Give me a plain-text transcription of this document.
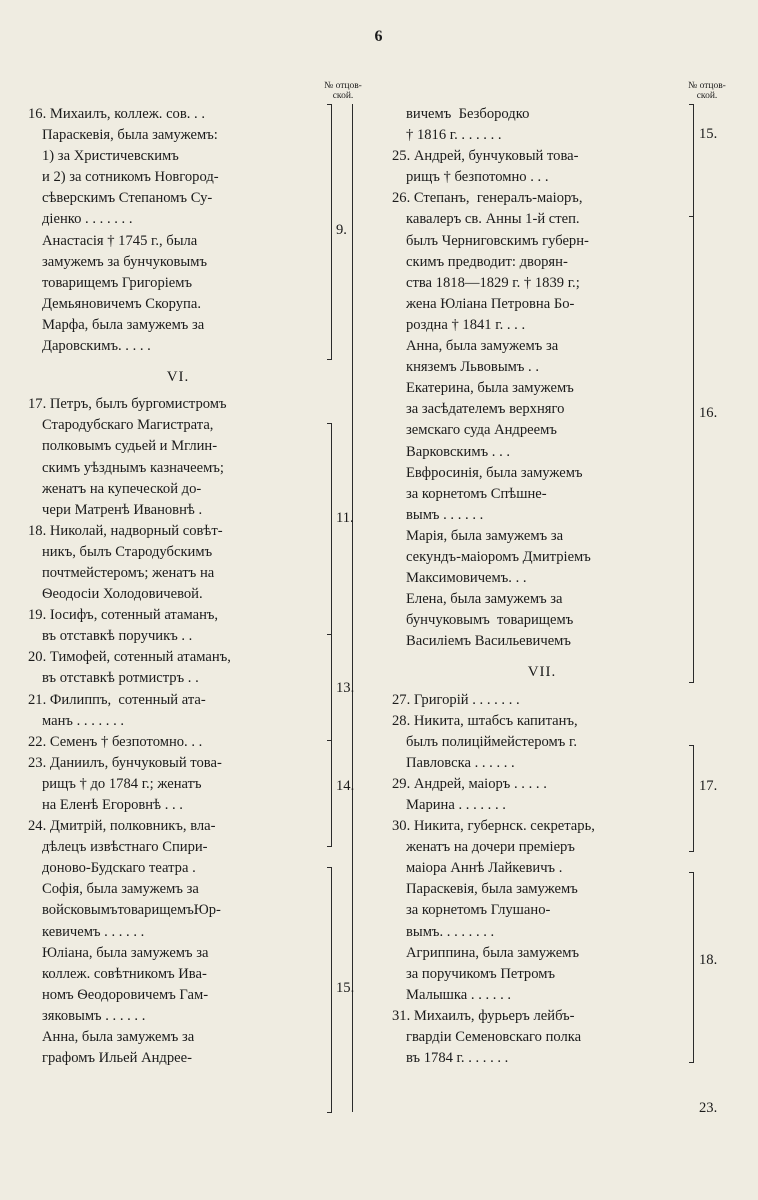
6
№ отцов-
ской.
№ отцов-
ской.
16. Михаилъ, коллеж. сов. . .
Параскевія, была замужемъ:
1) за Христичевскимъ
и 2) за сотникомъ Новгород-
сѣверскимъ Степаномъ Су-
діенко . . . . . . .
Анастасія † 1745 г., была
замужемъ за бунчуковымъ
товарищемъ Григоріемъ
Демьяновичемъ Скорупа.
Марфа, была замужемъ за
Даровскимъ. . . . .
VI.
17. Петръ, былъ бургомистромъ
Стародубскаго Магистрата,
полковымъ судьей и Мглин-
скимъ уѣзднымъ казначеемъ;
женатъ на купеческой до-
чери Матренѣ Ивановнѣ .
18. Николай, надворный совѣт-
никъ, былъ Стародубскимъ
почтмейстеромъ; женатъ на
Ѳеодосіи Холодовичевой.
19. Іосифъ, сотенный атаманъ,
въ отставкѣ поручикъ . .
20. Тимофей, сотенный атаманъ,
въ отставкѣ ротмистръ . .
21. Филиппъ,  сотенный ата-
манъ . . . . . . .
22. Семенъ † безпотомно. . .
23. Даниилъ, бунчуковый това-
рищъ † до 1784 г.; женатъ
на Еленѣ Егоровнѣ . . .
24. Дмитрій, полковникъ, вла-
дѣлецъ извѣстнаго Спири-
доново-Будскаго театра .
Софія, была замужемъ за
войсковымътоварищемъЮр-
кевичемъ . . . . . .
Юліана, была замужемъ за
коллеж. совѣтникомъ Ива-
номъ Ѳеодоровичемъ Гам-
зяковымъ . . . . . .
Анна, была замужемъ за
графомъ Ильей Андрее-
вичемъ  Безбородко
† 1816 г. . . . . . .
25. Андрей, бунчуковый това-
рищъ † безпотомно . . .
26. Степанъ,  генералъ-маіоръ,
кавалеръ св. Анны 1-й степ.
былъ Черниговскимъ губерн-
скимъ предводит: дворян-
ства 1818—1829 г. † 1839 г.;
жена Юліана Петровна Бо-
роздна † 1841 г. . . .
Анна, была замужемъ за
княземъ Львовымъ . .
Екатерина, была замужемъ
за засѣдателемъ верхняго
земскаго суда Андреемъ
Варковскимъ . . .
Евфросинія, была замужемъ
за корнетомъ Спѣшне-
вымъ . . . . . .
Марія, была замужемъ за
секундъ-маіоромъ Дмитріемъ
Максимовичемъ. . .
Елена, была замужемъ за
бунчуковымъ  товарищемъ
Василіемъ Васильевичемъ
VII.
27. Григорій . . . . . . .
28. Никита, штабсъ капитанъ,
былъ полиціймейстеромъ г.
Павловска . . . . . .
29. Андрей, маіоръ . . . . .
Марина . . . . . . .
30. Никита, губернск. секретарь,
женатъ на дочери преміеръ
маіора Аннѣ Лайкевичъ .
Параскевія, была замужемъ
за корнетомъ Глушано-
вымъ. . . . . . . .
Агриппина, была замужемъ
за поручикомъ Петромъ
Малышка . . . . . .
31. Михаилъ, фурьеръ лейбъ-
гвардіи Семеновскаго полка
въ 1784 г. . . . . . .
9.
11.
13.
14.
15.
15.
16.
17.
18.
23.
